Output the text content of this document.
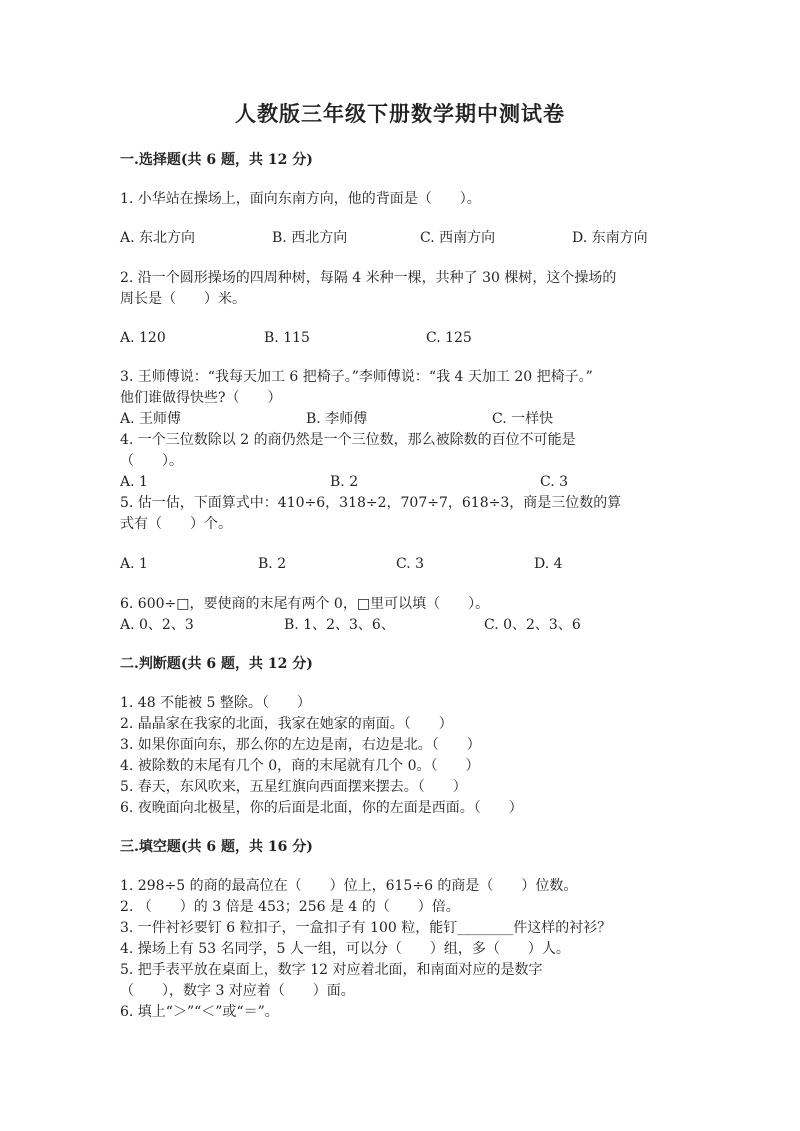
人教版三年级下册数学期中测试卷
一.选择题(共 6 题，共 12 分)
1. 小华站在操场上，面向东南方向，他的背面是（　　）。
A. 东北方向	B. 西北方向	C. 西南方向	D. 东南方向
2. 沿一个圆形操场的四周种树，每隔 4 米种一棵，共种了 30 棵树，这个操场的
周长是（　　）米。
A. 120	B. 115	C. 125
3. 王师傅说：“我每天加工 6 把椅子。”李师傅说：“我 4 天加工 20 把椅子。”
他们谁做得快些?（　　）
A. 王师傅	B. 李师傅	C. 一样快
4. 一个三位数除以 2 的商仍然是一个三位数，那么被除数的百位不可能是
（　　）。
A. 1	B. 2	C. 3
5. 估一估，下面算式中：410÷6，318÷2，707÷7，618÷3，商是三位数的算
式有（　　）个。
A. 1	B. 2	C. 3	D. 4
6. 600÷□，要使商的末尾有两个 0，□里可以填（　　）。
A. 0、2、3	B. 1、2、3、6、	C. 0、2、3、6
二.判断题(共 6 题，共 12 分)
1. 48 不能被 5 整除。（　　）
2. 晶晶家在我家的北面，我家在她家的南面。（　　）
3. 如果你面向东，那么你的左边是南，右边是北。（　　）
4. 被除数的末尾有几个 0，商的末尾就有几个 0。（　　）
5. 春天，东风吹来，五星红旗向西面摆来摆去。（　　）
6. 夜晚面向北极星，你的后面是北面，你的左面是西面。（　　）
三.填空题(共 6 题，共 16 分)
1. 298÷5 的商的最高位在（　　）位上，615÷6 的商是（　　）位数。
2. （　　）的 3 倍是 453；256 是 4 的（　　）倍。
3. 一件衬衫要钉 6 粒扣子，一盒扣子有 100 粒，能钉________件这样的衬衫？
4. 操场上有 53 名同学，5 人一组，可以分（　　）组，多（　　）人。
5. 把手表平放在桌面上，数字 12 对应着北面，和南面对应的是数字
（　　），数字 3 对应着（　　）面。
6. 填上“＞”“＜”或“＝”。
